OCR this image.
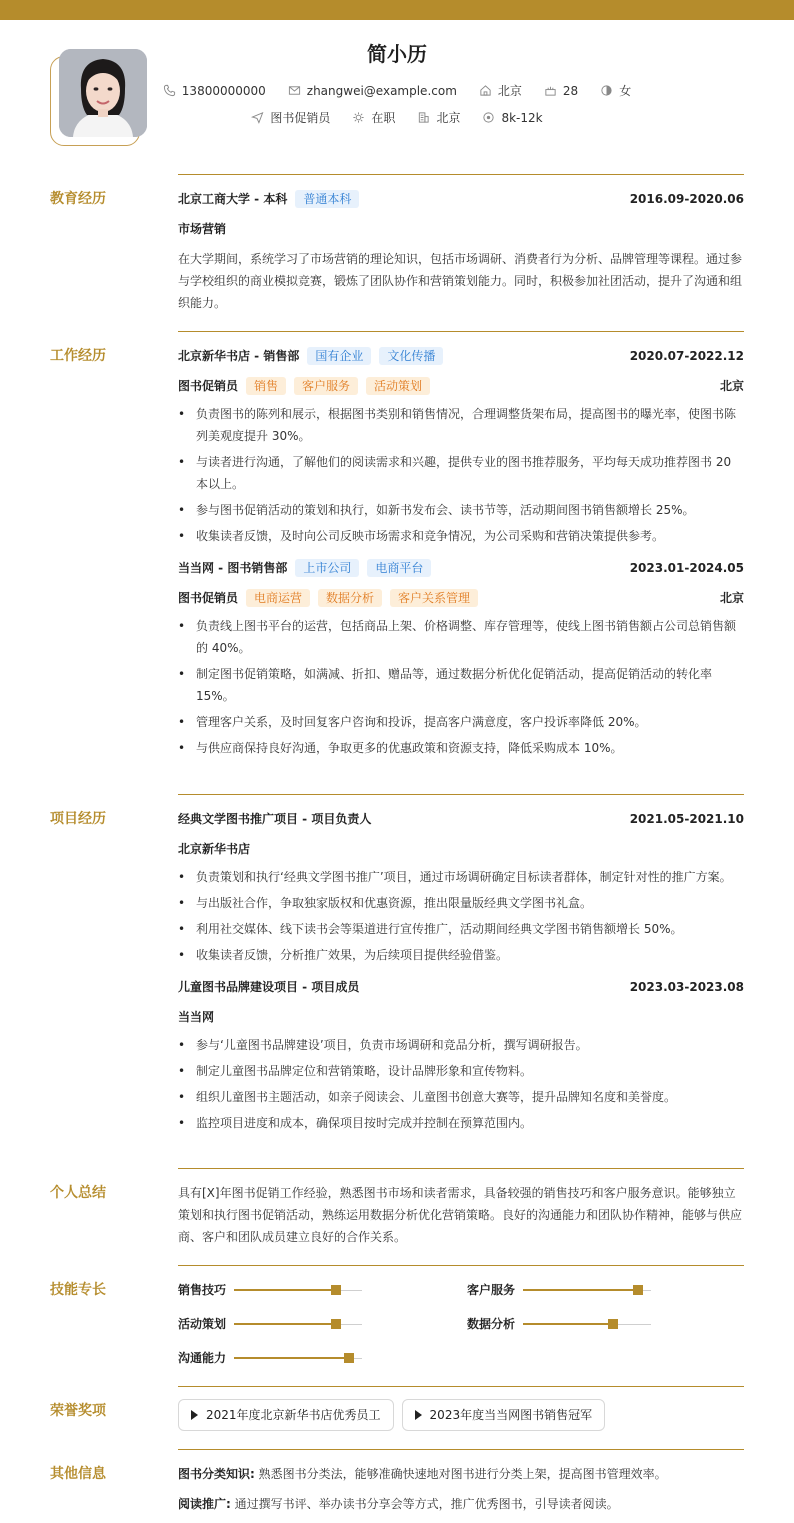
简小历
13800000000	zhangwei@example.com	北京	28	女
图书促销员	在职	北京	8k-12k
教育经历	北京工商大学 - 本科	普通本科	2016.09-2020.06
市场营销
在大学期间，系统学习了市场营销的理论知识，包括市场调研、消费者行为分析、品牌管理等课程。通过参与学校组织的商业模拟竞赛，锻炼了团队协作和营销策划能力。同时，积极参加社团活动，提升了沟通和组织能力。
工作经历	北京新华书店 - 销售部	国有企业	文化传播	2020.07-2022.12
图书促销员	销售	客户服务	活动策划	北京
• 负责图书的陈列和展示，根据图书类别和销售情况，合理调整货架布局，提高图书的曝光率，使图书陈列美观度提升 30%。
• 与读者进行沟通，了解他们的阅读需求和兴趣，提供专业的图书推荐服务，平均每天成功推荐图书 20 本以上。
• 参与图书促销活动的策划和执行，如新书发布会、读书节等，活动期间图书销售额增长 25%。
• 收集读者反馈，及时向公司反映市场需求和竞争情况，为公司采购和营销决策提供参考。
当当网 - 图书销售部	上市公司	电商平台	2023.01-2024.05
图书促销员	电商运营	数据分析	客户关系管理	北京
• 负责线上图书平台的运营，包括商品上架、价格调整、库存管理等，使线上图书销售额占公司总销售额的 40%。
• 制定图书促销策略，如满减、折扣、赠品等，通过数据分析优化促销活动，提高促销活动的转化率 15%。
• 管理客户关系，及时回复客户咨询和投诉，提高客户满意度，客户投诉率降低 20%。
• 与供应商保持良好沟通，争取更多的优惠政策和资源支持，降低采购成本 10%。
项目经历	经典文学图书推广项目 - 项目负责人	2021.05-2021.10
北京新华书店
• 负责策划和执行‘经典文学图书推广’项目，通过市场调研确定目标读者群体，制定针对性的推广方案。
• 与出版社合作，争取独家版权和优惠资源，推出限量版经典文学图书礼盒。
• 利用社交媒体、线下读书会等渠道进行宣传推广，活动期间经典文学图书销售额增长 50%。
• 收集读者反馈，分析推广效果，为后续项目提供经验借鉴。
儿童图书品牌建设项目 - 项目成员	2023.03-2023.08
当当网
• 参与‘儿童图书品牌建设’项目，负责市场调研和竞品分析，撰写调研报告。
• 制定儿童图书品牌定位和营销策略，设计品牌形象和宣传物料。
• 组织儿童图书主题活动，如亲子阅读会、儿童图书创意大赛等，提升品牌知名度和美誉度。
• 监控项目进度和成本，确保项目按时完成并控制在预算范围内。
个人总结	具有[X]年图书促销工作经验，熟悉图书市场和读者需求，具备较强的销售技巧和客户服务意识。能够独立策划和执行图书促销活动，熟练运用数据分析优化营销策略。良好的沟通能力和团队协作精神，能够与供应商、客户和团队成员建立良好的合作关系。
技能专长	销售技巧	客户服务
活动策划	数据分析
沟通能力
荣誉奖项	2021年度北京新华书店优秀员工	2023年度当当网图书销售冠军
其他信息	图书分类知识: 熟悉图书分类法，能够准确快速地对图书进行分类上架，提高图书管理效率。

阅读推广: 通过撰写书评、举办读书分享会等方式，推广优秀图书，引导读者阅读。
